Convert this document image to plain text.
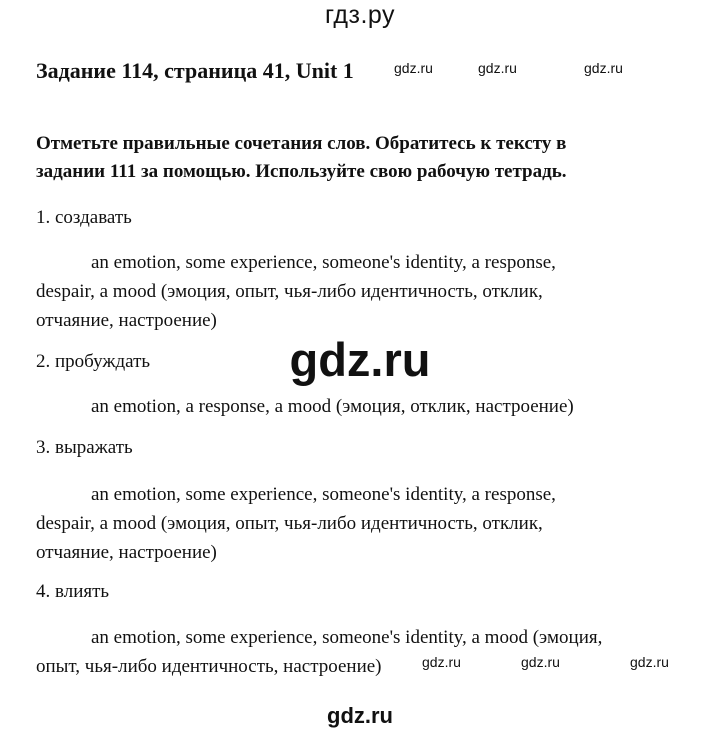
гдз.ру
Задание 114, страница 41, Unit 1	gdz.ru	gdz.ru	gdz.ru
Отметьте правильные сочетания слов. Обратитесь к тексту в
задании 111 за помощью. Используйте свою рабочую тетрадь.
1. создавать
an emotion, some experience, someone's identity, a response,
despair, a mood (эмоция, опыт, чья-либо идентичность, отклик,
отчаяние, настроение)
gdz.ru
2. пробуждать
an emotion, a response, a mood (эмоция, отклик, настроение)
3. выражать
an emotion, some experience, someone's identity, a response,
despair, a mood (эмоция, опыт, чья-либо идентичность, отклик,
отчаяние, настроение)
4. влиять
an emotion, some experience, someone's identity, a mood (эмоция,
опыт, чья-либо идентичность, настроение)	gdz.ru	gdz.ru	gdz.ru
gdz.ru
